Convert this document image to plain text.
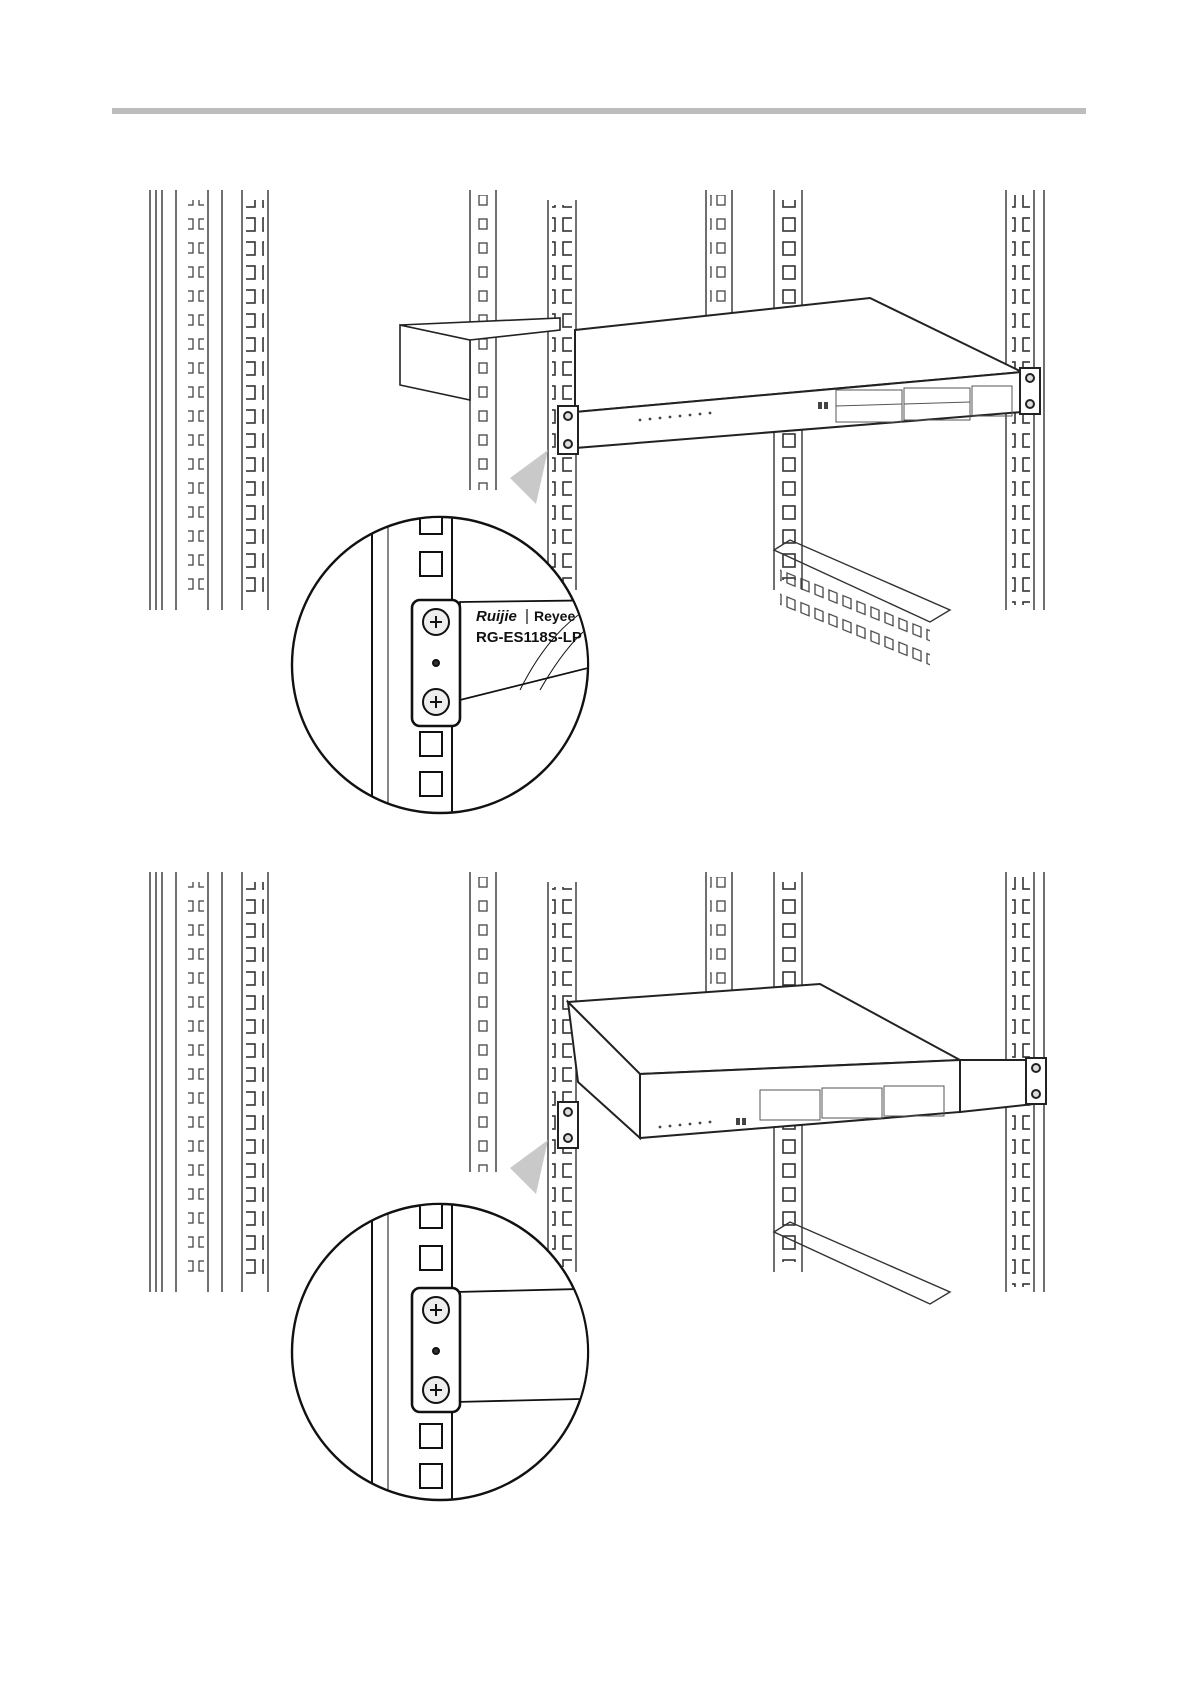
Ruijie Reyee
RG-ES118S-LP
